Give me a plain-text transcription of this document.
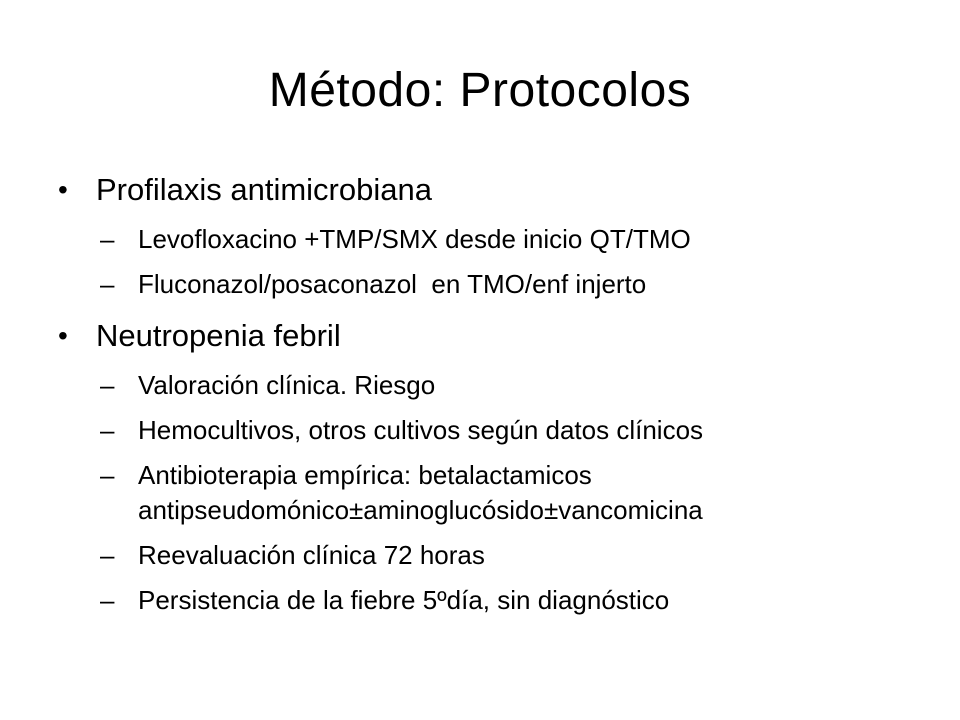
Método: Protocolos
• Profilaxis antimicrobiana
– Levofloxacino +TMP/SMX desde inicio QT/TMO
– Fluconazol/posaconazol  en TMO/enf injerto
• Neutropenia febril
– Valoración clínica. Riesgo
– Hemocultivos, otros cultivos según datos clínicos
– Antibioterapia empírica: betalactamicos antipseudomónico±aminoglucósido±vancomicina
– Reevaluación clínica 72 horas
– Persistencia de la fiebre 5ºdía, sin diagnóstico
